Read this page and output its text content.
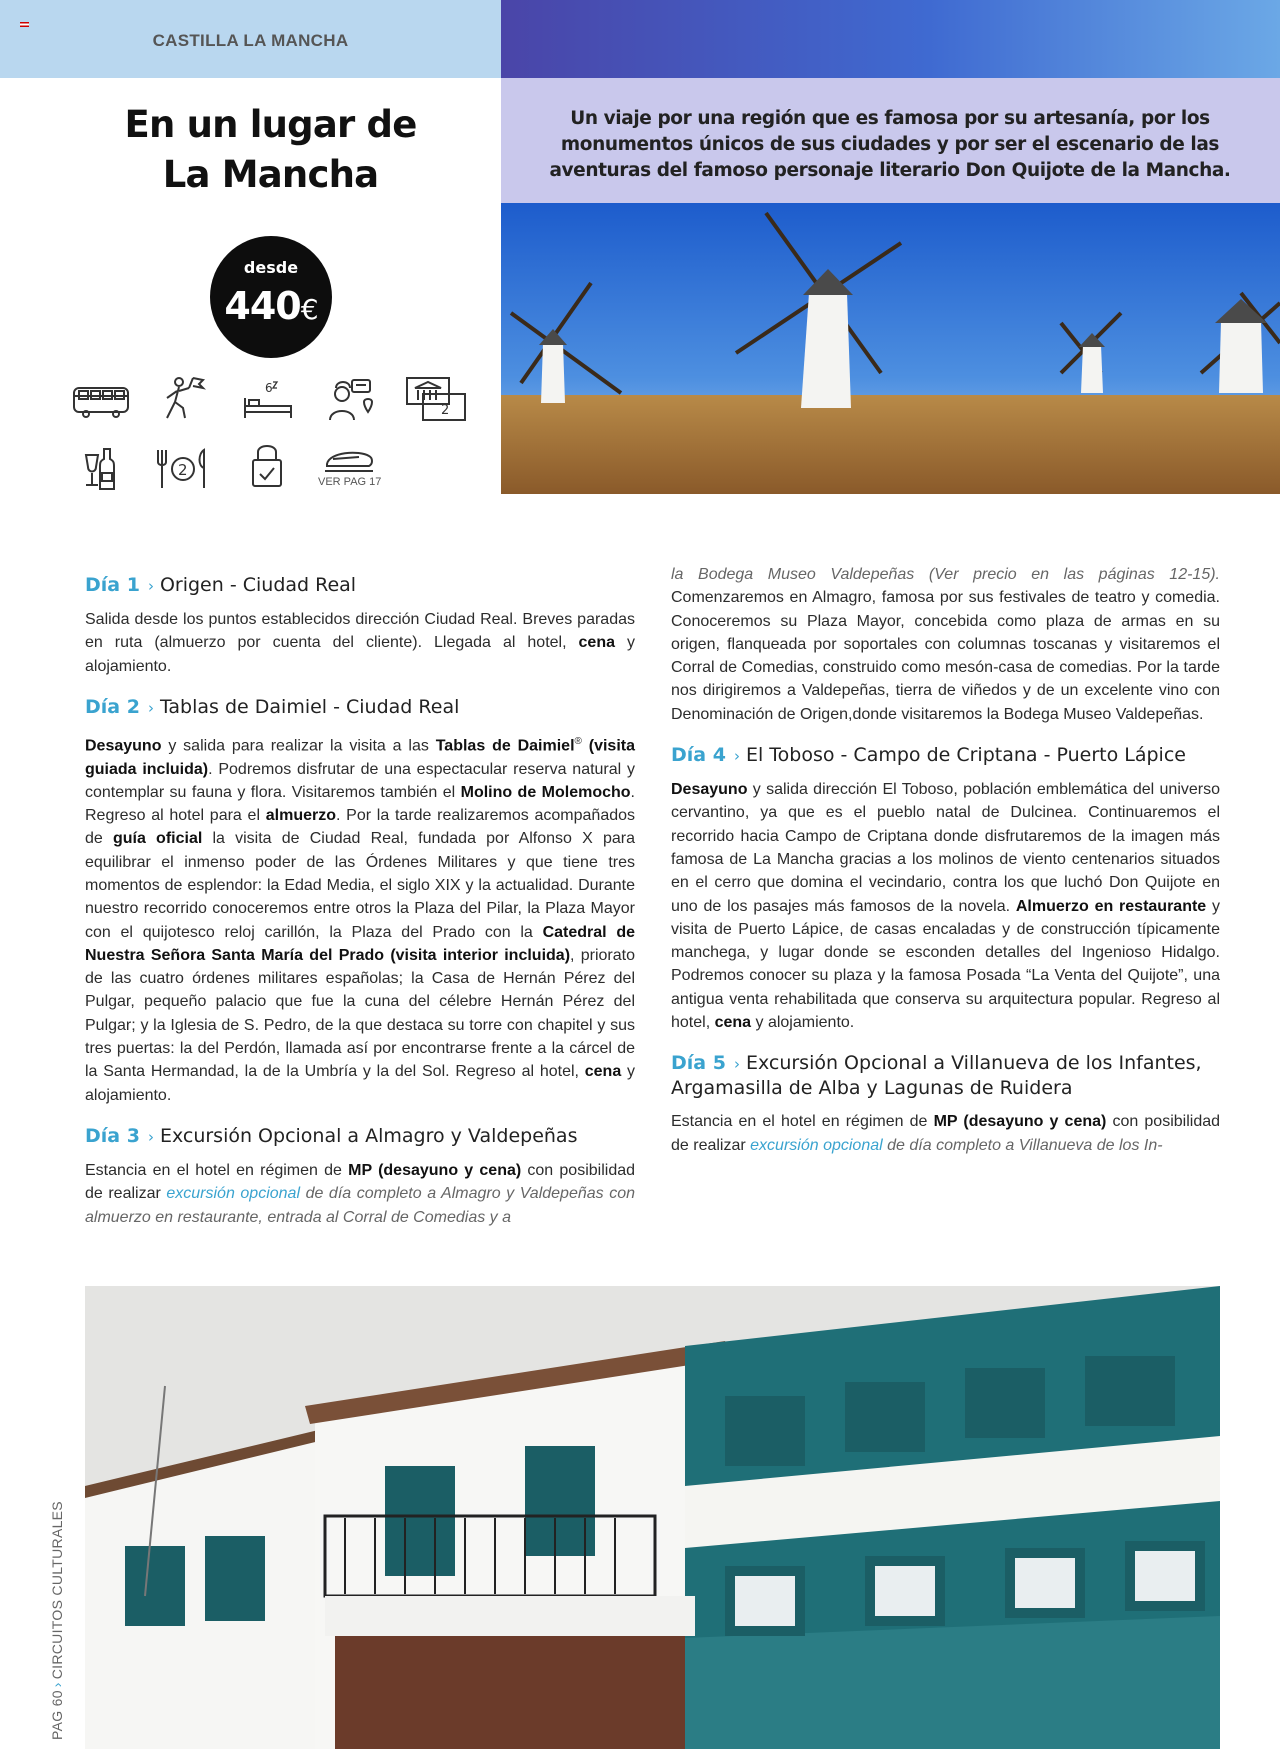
CASTILLA LA MANCHA
Un viaje por una región que es famosa por su artesanía, por los monumentos únicos de sus ciudades y por ser el escenario de las aventuras del famoso personaje literario Don Quijote de la Mancha.
En un lugar de
La Mancha
desde
440€
6
2
2
VER PAG 17
Día 1 › Origen - Ciudad Real

Salida desde los puntos establecidos dirección Ciudad Real. Breves paradas en ruta (almuerzo por cuenta del cliente). Llegada al hotel, cena y alojamiento.

Día 2 › Tablas de Daimiel - Ciudad Real

Desayuno y salida para realizar la visita a las Tablas de Daimiel® (visita guiada incluida). Podremos disfrutar de una espectacular reserva natural y contemplar su fauna y flora. Visitaremos también el Molino de Molemocho. Regreso al hotel para el almuerzo. Por la tarde realizaremos acompañados de guía oficial la visita de Ciudad Real, fundada por Alfonso X para equilibrar el inmenso poder de las Órdenes Militares y que tiene tres momentos de esplendor: la Edad Media, el siglo XIX y la actualidad. Durante nuestro recorrido conoceremos entre otros la Plaza del Pilar, la Plaza Mayor con el quijotesco reloj carillón, la Plaza del Prado con la Catedral de Nuestra Señora Santa María del Prado (visita interior incluida), priorato de las cuatro órdenes militares españolas; la Casa de Hernán Pérez del Pulgar, pequeño palacio que fue la cuna del célebre Hernán Pérez del Pulgar; y la Iglesia de S. Pedro, de la que destaca su torre con chapitel y sus tres puertas: la del Perdón, llamada así por encontrarse frente a la cárcel de la Santa Hermandad, la de la Umbría y la del Sol. Regreso al hotel, cena y alojamiento.

Día 3 › Excursión Opcional a Almagro y Valdepeñas

Estancia en el hotel en régimen de MP (desayuno y cena) con posibilidad de realizar excursión opcional de día completo a Almagro y Valdepeñas con almuerzo en restaurante, entrada al Corral de Comedias y a

la Bodega Museo Valdepeñas (Ver precio en las páginas 12-15). Comenzaremos en Almagro, famosa por sus festivales de teatro y comedia. Conoceremos su Plaza Mayor, concebida como plaza de armas en su origen, flanqueada por soportales con columnas toscanas y visitaremos el Corral de Comedias, construido como mesón-casa de comedias. Por la tarde nos dirigiremos a Valdepeñas, tierra de viñedos y de un excelente vino con Denominación de Origen,donde visitaremos la Bodega Museo Valdepeñas.

Día 4 › El Toboso - Campo de Criptana - Puerto Lápice

Desayuno y salida dirección El Toboso, población emblemática del universo cervantino, ya que es el pueblo natal de Dulcinea. Continuaremos el recorrido hacia Campo de Criptana donde disfrutaremos de la imagen más famosa de La Mancha gracias a los molinos de viento centenarios situados en el cerro que domina el vecindario, contra los que luchó Don Quijote en uno de los pasajes más famosos de la novela. Almuerzo en restaurante y visita de Puerto Lápice, de casas encaladas y de construcción típicamente manchega, y lugar donde se esconden detalles del Ingenioso Hidalgo. Podremos conocer su plaza y la famosa Posada “La Venta del Quijote”, una antigua venta rehabilitada que conserva su arquitectura popular. Regreso al hotel, cena y alojamiento.

Día 5 › Excursión Opcional a Villanueva de los Infantes, Argamasilla de Alba y Lagunas de Ruidera

Estancia en el hotel en régimen de MP (desayuno y cena) con posibilidad de realizar excursión opcional de día completo a Villanueva de los In-

PAG 60›CIRCUITOS CULTURALES
